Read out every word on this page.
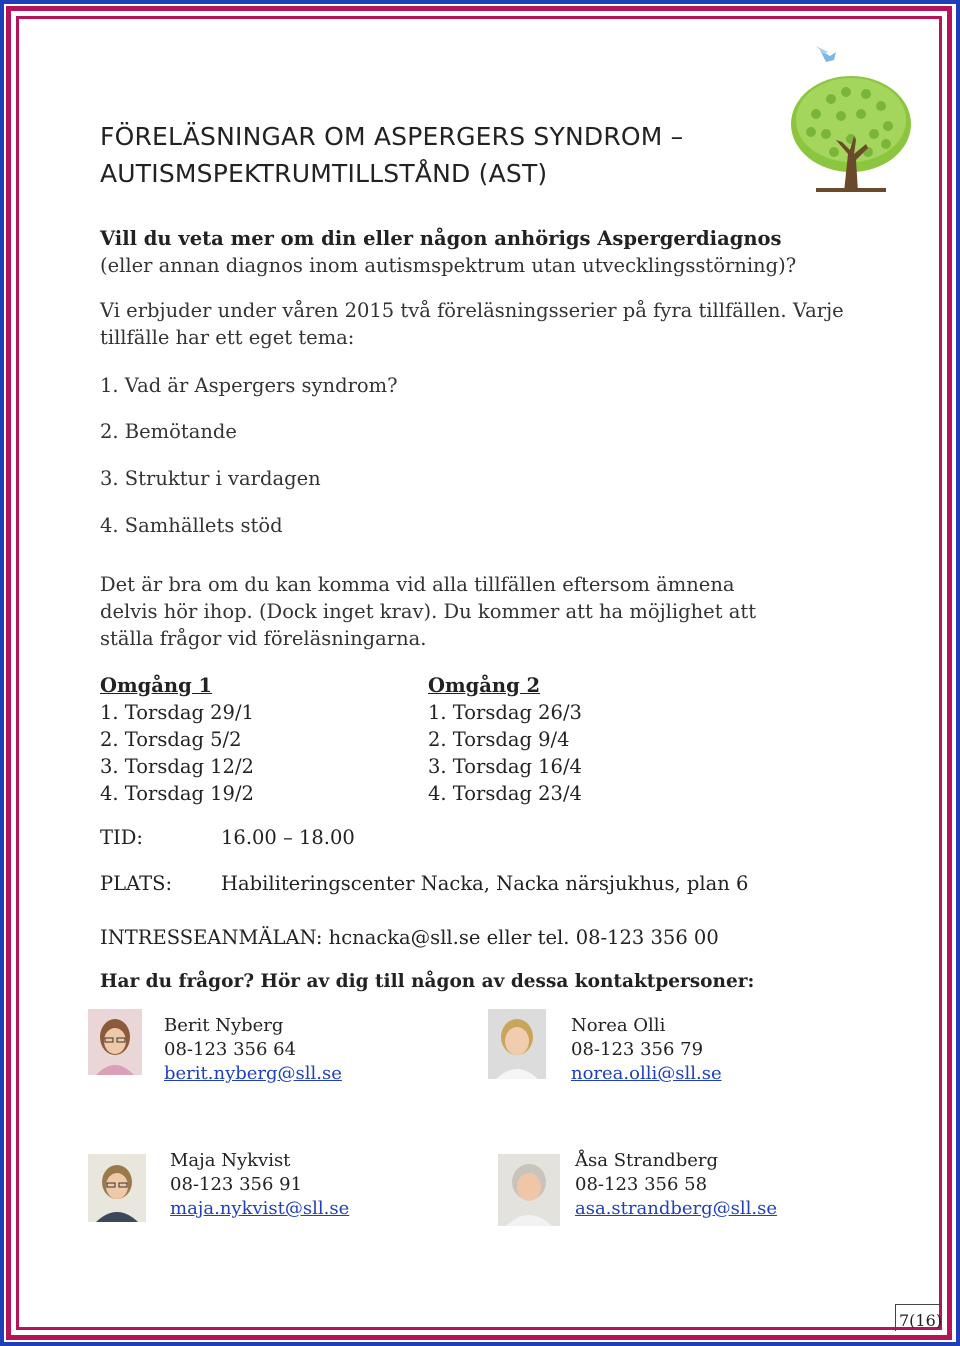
FÖRELÄSNINGAR OM ASPERGERS SYNDROM –
AUTISMSPEKTRUMTILLSTÅND (AST)
Vill du veta mer om din eller någon anhörigs Aspergerdiagnos
(eller annan diagnos inom autismspektrum utan utvecklingsstörning)?
Vi erbjuder under våren 2015 två föreläsningsserier på fyra tillfällen. Varje
tillfälle har ett eget tema:
1. Vad är Aspergers syndrom?
2. Bemötande
3. Struktur i vardagen
4. Samhällets stöd
Det är bra om du kan komma vid alla tillfällen eftersom ämnena
delvis hör ihop. (Dock inget krav). Du kommer att ha möjlighet att
ställa frågor vid föreläsningarna.
Omgång 1
1. Torsdag 29/1
2. Torsdag 5/2
3. Torsdag 12/2
4. Torsdag 19/2
Omgång 2
1. Torsdag 26/3
2. Torsdag 9/4
3. Torsdag 16/4
4. Torsdag 23/4
TID:	16.00 – 18.00
PLATS:	Habiliteringscenter Nacka, Nacka närsjukhus, plan 6
INTRESSEANMÄLAN: hcnacka@sll.se eller tel. 08-123 356 00
Har du frågor? Hör av dig till någon av dessa kontaktpersoner:
Berit Nyberg
08-123 356 64
berit.nyberg@sll.se
Norea Olli
08-123 356 79
norea.olli@sll.se
Maja Nykvist
08-123 356 91
maja.nykvist@sll.se
Åsa Strandberg
08-123 356 58
asa.strandberg@sll.se
7(16)
